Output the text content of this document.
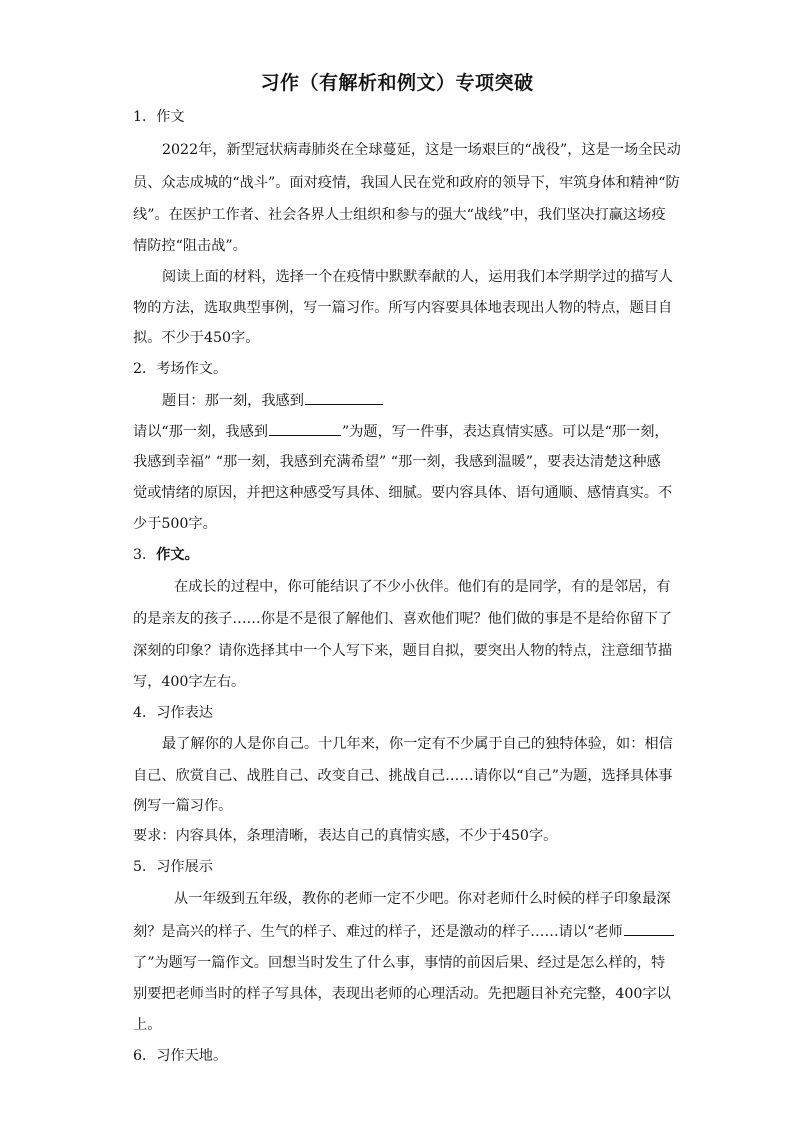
习作（有解析和例文）专项突破
1．作文
2022年，新型冠状病毒肺炎在全球蔓延，这是一场艰巨的“战役”，这是一场全民动
员、众志成城的“战斗”。面对疫情，我国人民在党和政府的领导下，牢筑身体和精神“防
线”。在医护工作者、社会各界人士组织和参与的强大“战线”中，我们坚决打赢这场疫
情防控“阻击战”。
阅读上面的材料，选择一个在疫情中默默奉献的人，运用我们本学期学过的描写人
物的方法，选取典型事例，写一篇习作。所写内容要具体地表现出人物的特点，题目自
拟。不少于450字。
2．考场作文。
题目：那一刻，我感到
请以“那一刻，我感到	”为题，写一件事，表达真情实感。可以是“那一刻，
我感到幸福” “那一刻，我感到充满希望” “那一刻，我感到温暖”，要表达清楚这种感
觉或情绪的原因，并把这种感受写具体、细腻。要内容具体、语句通顺、感情真实。不
少于500字。
3．作文。
在成长的过程中，你可能结识了不少小伙伴。他们有的是同学，有的是邻居，有
的是亲友的孩子……你是不是很了解他们、喜欢他们呢？他们做的事是不是给你留下了
深刻的印象？请你选择其中一个人写下来，题目自拟，要突出人物的特点，注意细节描
写，400字左右。
4．习作表达
最了解你的人是你自己。十几年来，你一定有不少属于自己的独特体验，如：相信
自己、欣赏自己、战胜自己、改变自己、挑战自己……请你以“自己”为题，选择具体事
例写一篇习作。
要求：内容具体，条理清晰，表达自己的真情实感，不少于450字。
5．习作展示
从一年级到五年级，教你的老师一定不少吧。你对老师什么时候的样子印象最深
刻？是高兴的样子、生气的样子、难过的样子，还是激动的样子……请以“老师
了”为题写一篇作文。回想当时发生了什么事，事情的前因后果、经过是怎么样的，特
别要把老师当时的样子写具体，表现出老师的心理活动。先把题目补充完整，400字以
上。
6．习作天地。
